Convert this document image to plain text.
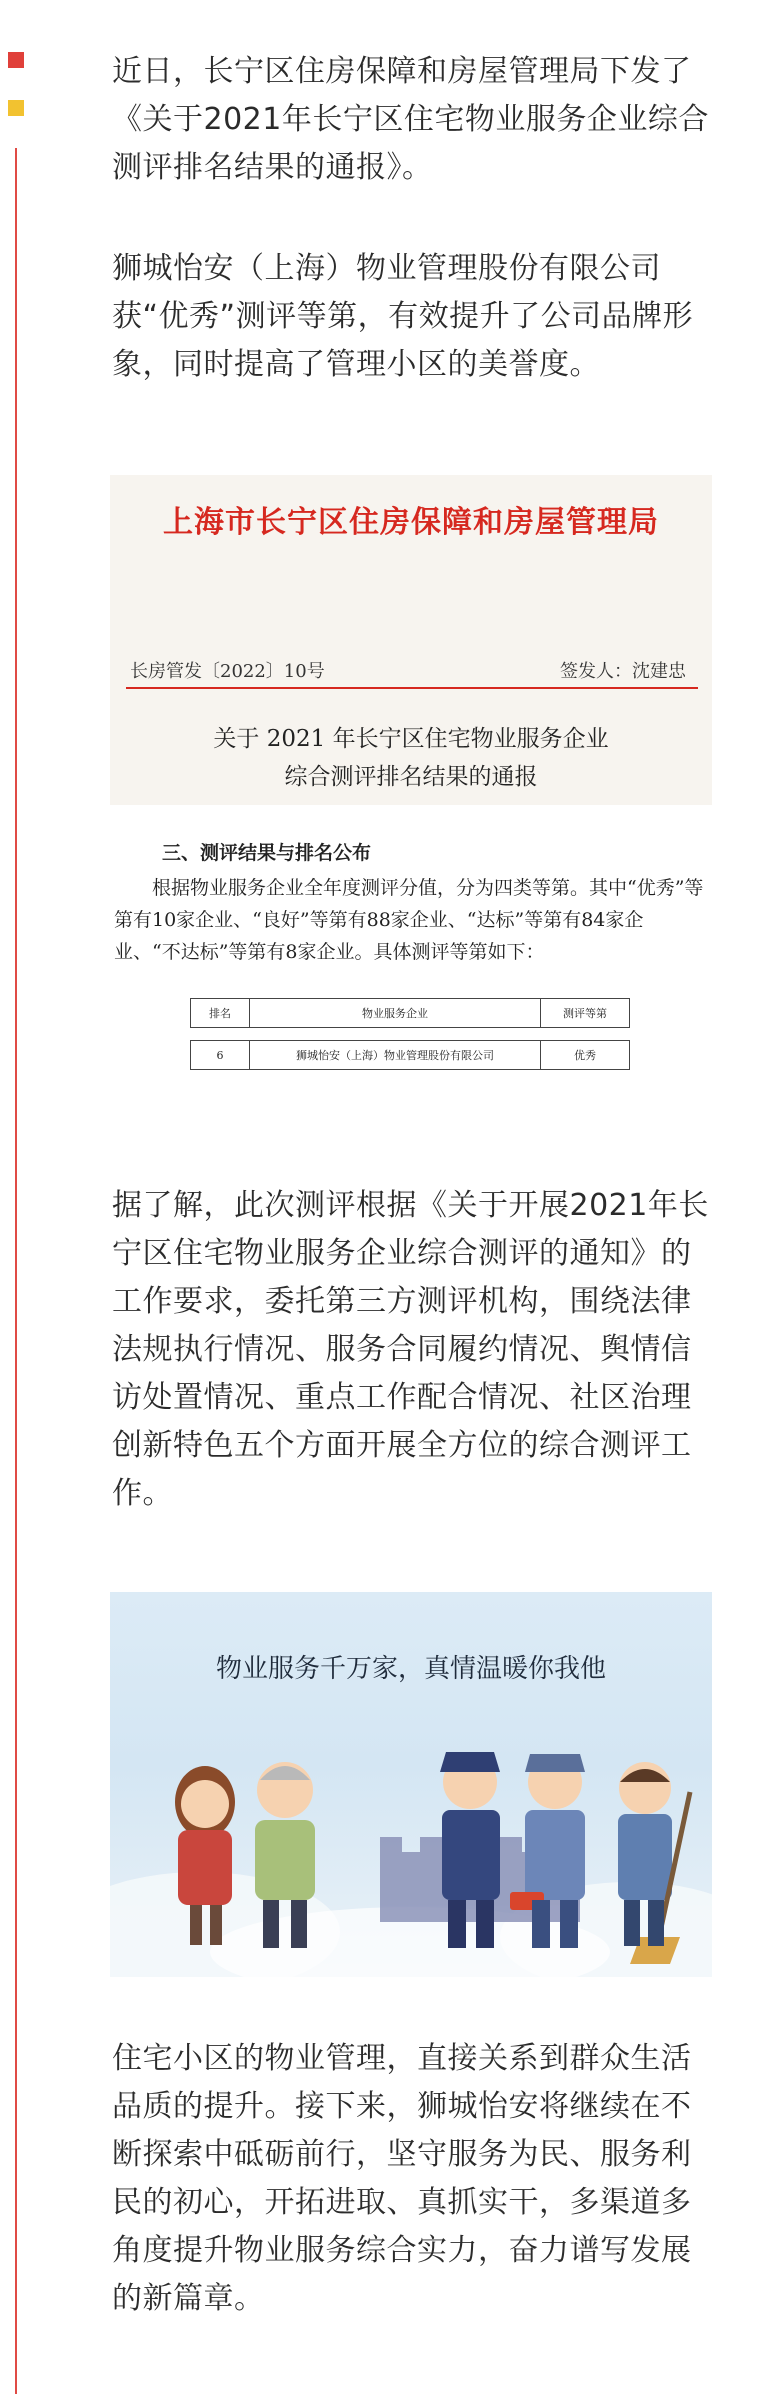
近日，长宁区住房保障和房屋管理局下发了《关于2021年长宁区住宅物业服务企业综合测评排名结果的通报》。

狮城怡安（上海）物业管理股份有限公司获“优秀”测评等第，有效提升了公司品牌形象，同时提高了管理小区的美誉度。

上海市长宁区住房保障和房屋管理局
长房管发〔2022〕10号	签发人：沈建忠
关于 2021 年长宁区住宅物业服务企业
综合测评排名结果的通报
三、测评结果与排名公布
根据物业服务企业全年度测评分值，分为四类等第。其中“优秀”等第有10家企业、“良好”等第有88家企业、“达标”等第有84家企业、“不达标”等第有8家企业。具体测评等第如下：
排名	物业服务企业	测评等第

6	狮城怡安（上海）物业管理股份有限公司	优秀

据了解，此次测评根据《关于开展2021年长宁区住宅物业服务企业综合测评的通知》的工作要求，委托第三方测评机构，围绕法律法规执行情况、服务合同履约情况、舆情信访处置情况、重点工作配合情况、社区治理创新特色五个方面开展全方位的综合测评工作。

物业服务千万家，真情温暖你我他

住宅小区的物业管理，直接关系到群众生活品质的提升。接下来，狮城怡安将继续在不断探索中砥砺前行，坚守服务为民、服务利民的初心，开拓进取、真抓实干，多渠道多角度提升物业服务综合实力，奋力谱写发展的新篇章。
